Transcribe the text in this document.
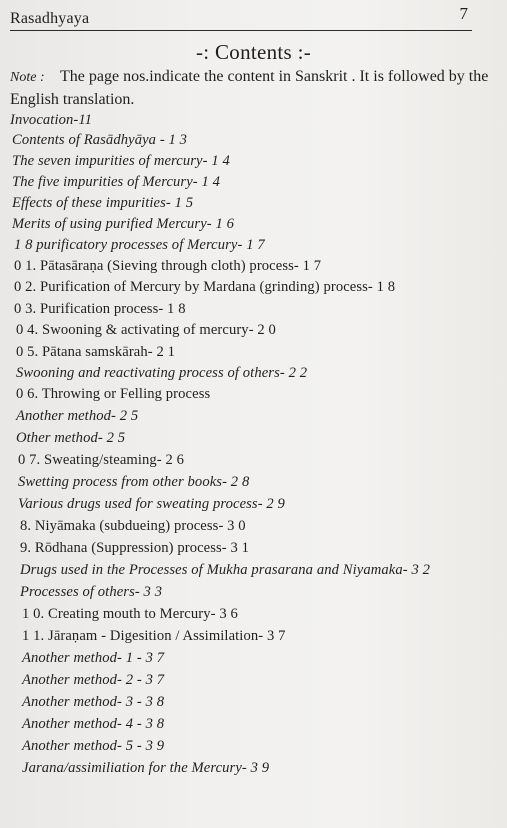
Rasadhyaya	7
-: Contents :-
Note : The page nos.indicate the content in Sanskrit . It is followed by the English translation.
Invocation-11
Contents of Rasādhyāya - 1 3
The seven impurities of mercury- 1 4
The five impurities of Mercury- 1 4
Effects of these impurities- 1 5
Merits of using purified Mercury- 1 6
1 8 purificatory processes of Mercury- 1 7
0 1. Pātasāraṇa (Sieving through cloth) process- 1 7
0 2. Purification of Mercury by Mardana (grinding) process- 1 8
0 3. Purification process- 1 8
0 4. Swooning & activating of mercury- 2 0
0 5. Pātana samskārah- 2 1
Swooning and reactivating process of others- 2 2
0 6. Throwing or Felling process
Another method- 2 5
Other method- 2 5
0 7. Sweating/steaming- 2 6
Swetting process from other books- 2 8
Various drugs used for sweating process- 2 9
8. Niyāmaka (subdueing) process- 3 0
9. Rōdhana (Suppression) process- 3 1
Drugs used in the Processes of Mukha prasarana and Niyamaka- 3 2
Processes of others- 3 3
1 0. Creating mouth to Mercury- 3 6
1 1. Jāraṇam - Digesition / Assimilation- 3 7
Another method- 1 - 3 7
Another method- 2 - 3 7
Another method- 3 - 3 8
Another method- 4 - 3 8
Another method- 5 - 3 9
Jarana/assimiliation for the Mercury- 3 9
